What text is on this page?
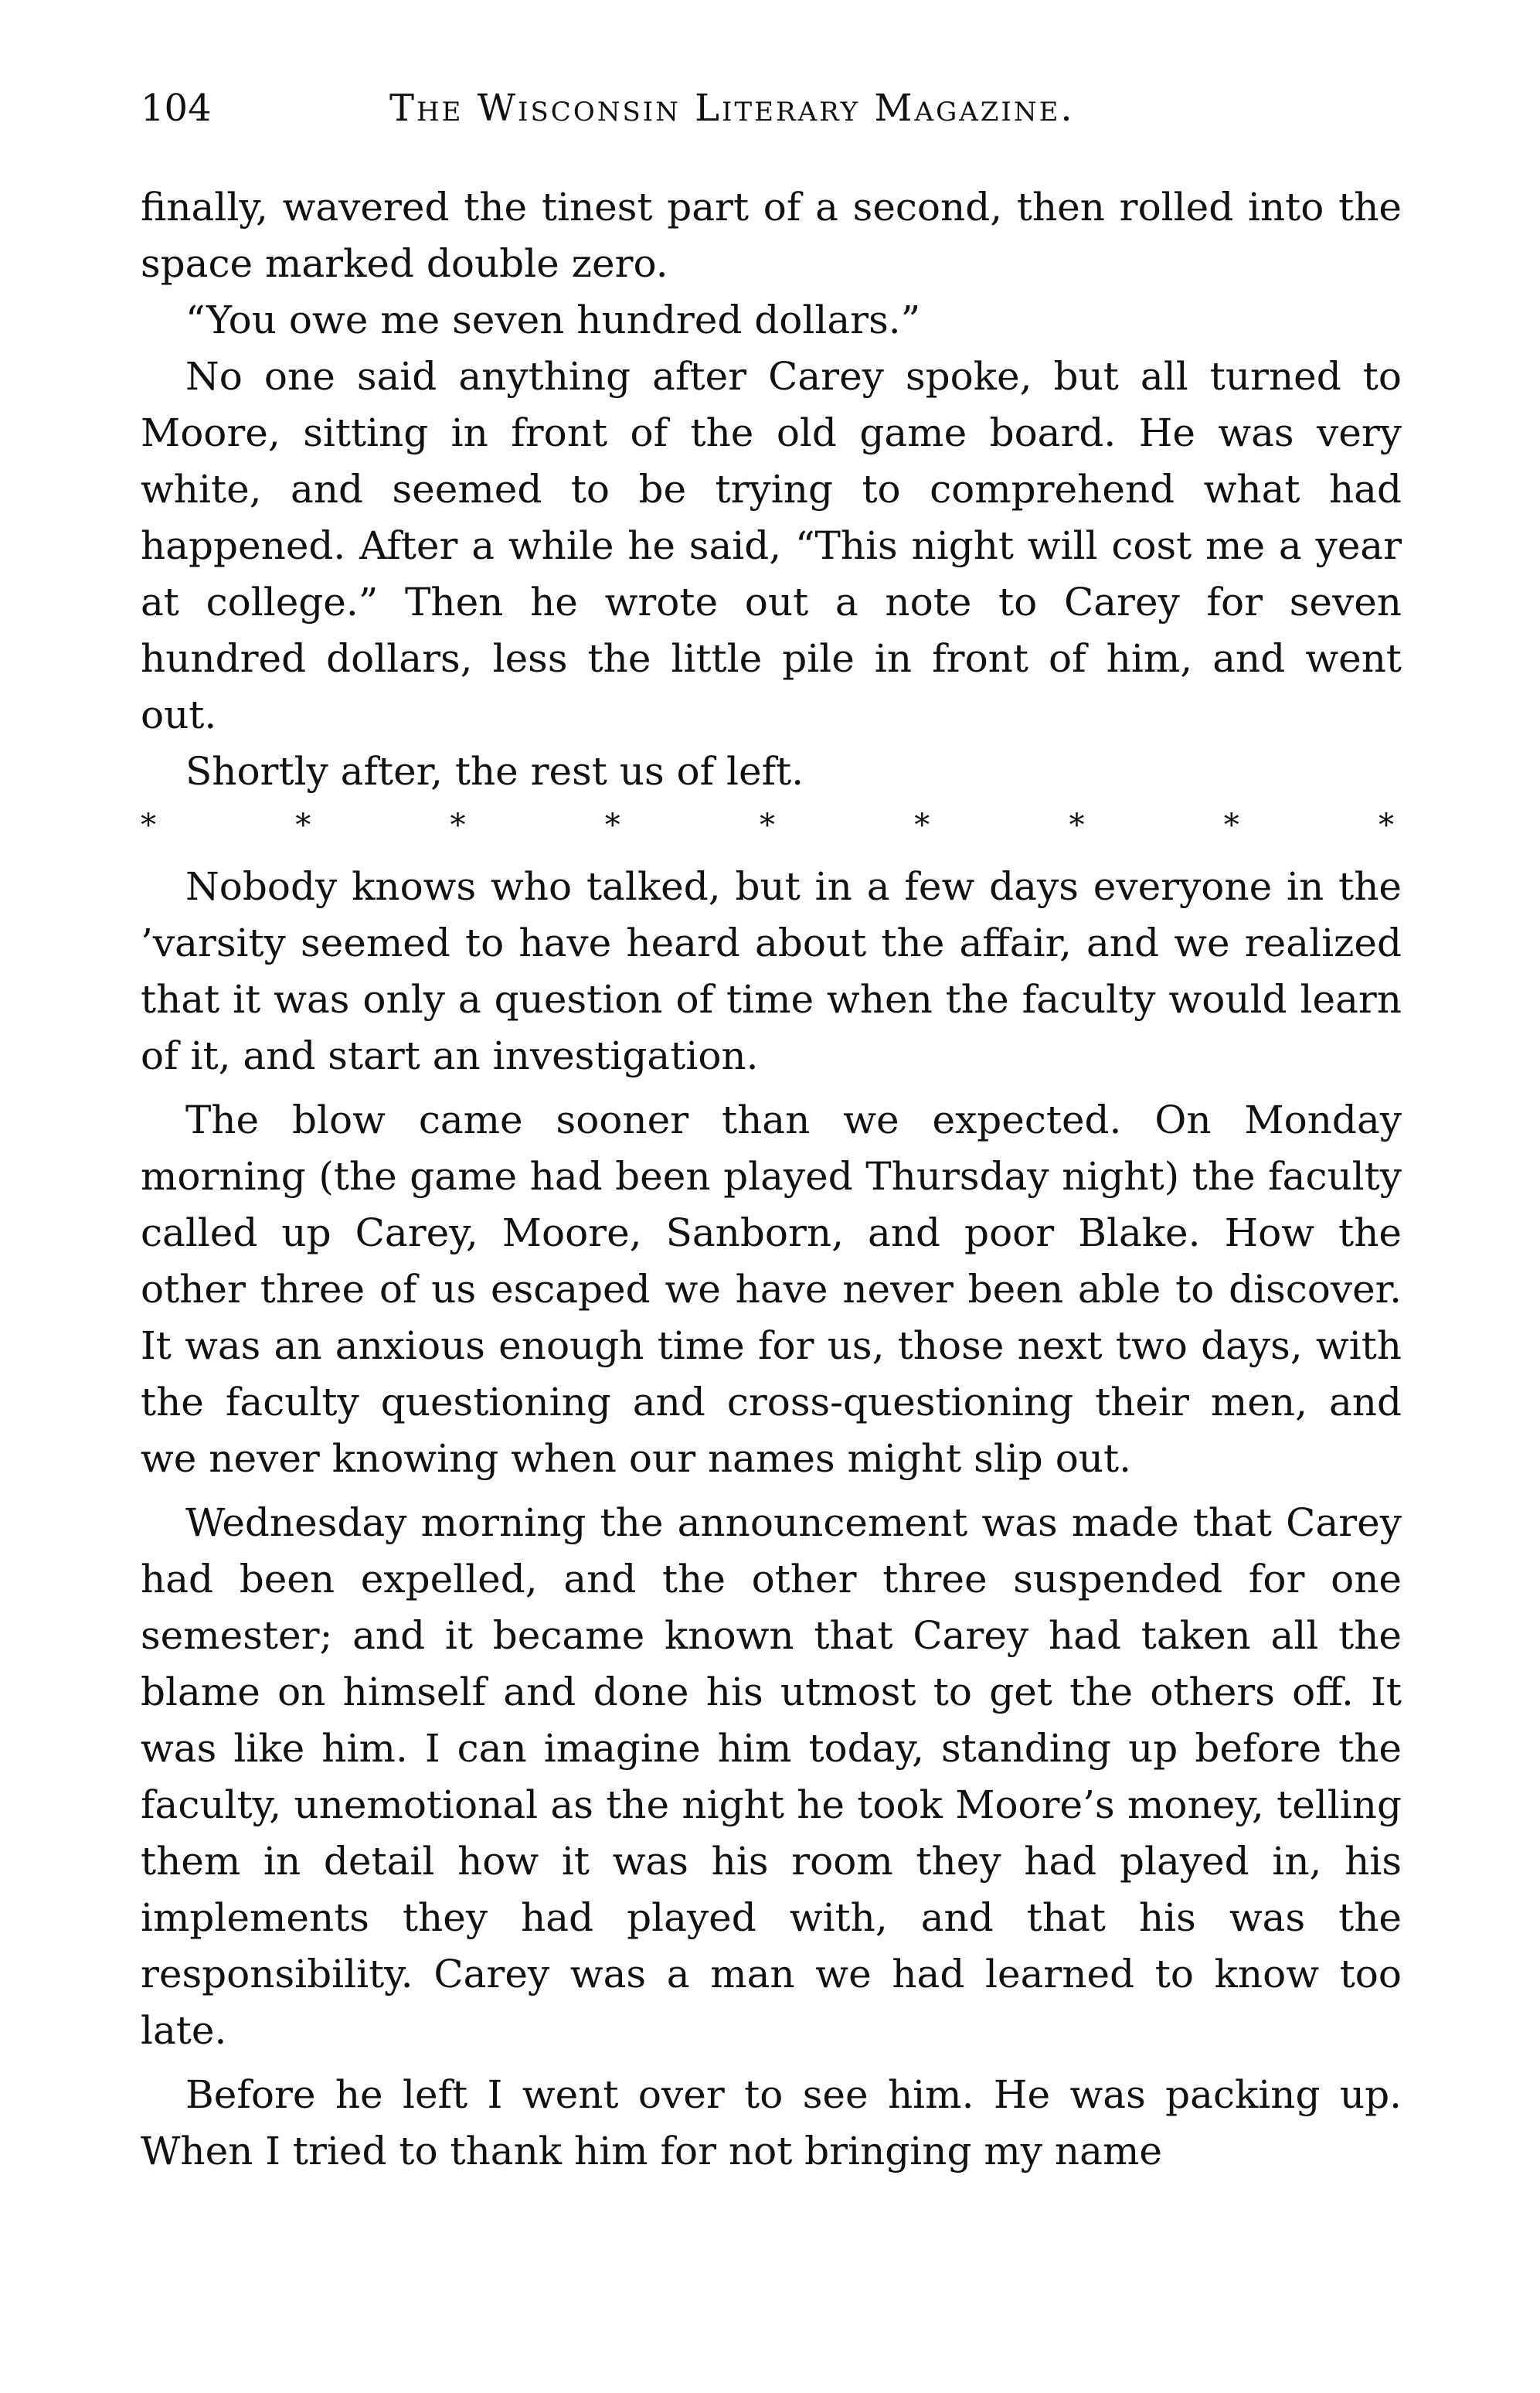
104	The Wisconsin Literary Magazine.

finally, wavered the tinest part of a second, then rolled into the space marked double zero.

“You owe me seven hundred dollars.”

No one said anything after Carey spoke, but all turned to Moore, sitting in front of the old game board. He was very white, and seemed to be trying to comprehend what had happened. After a while he said, “This night will cost me a year at college.” Then he wrote out a note to Carey for seven hundred dollars, less the little pile in front of him, and went out.

Shortly after, the rest us of left.

*	*	*	*	*	*	*	*	*

Nobody knows who talked, but in a few days everyone in the ’varsity seemed to have heard about the affair, and we realized that it was only a question of time when the faculty would learn of it, and start an investigation.

The blow came sooner than we expected. On Monday morning (the game had been played Thursday night) the faculty called up Carey, Moore, Sanborn, and poor Blake. How the other three of us escaped we have never been able to discover. It was an anxious enough time for us, those next two days, with the faculty questioning and cross-questioning their men, and we never knowing when our names might slip out.

Wednesday morning the announcement was made that Carey had been expelled, and the other three suspended for one semester; and it became known that Carey had taken all the blame on himself and done his utmost to get the others off. It was like him. I can imagine him today, standing up before the faculty, unemotional as the night he took Moore’s money, telling them in detail how it was his room they had played in, his implements they had played with, and that his was the responsibility. Carey was a man we had learned to know too late.

Before he left I went over to see him. He was packing up. When I tried to thank him for not bringing my name
